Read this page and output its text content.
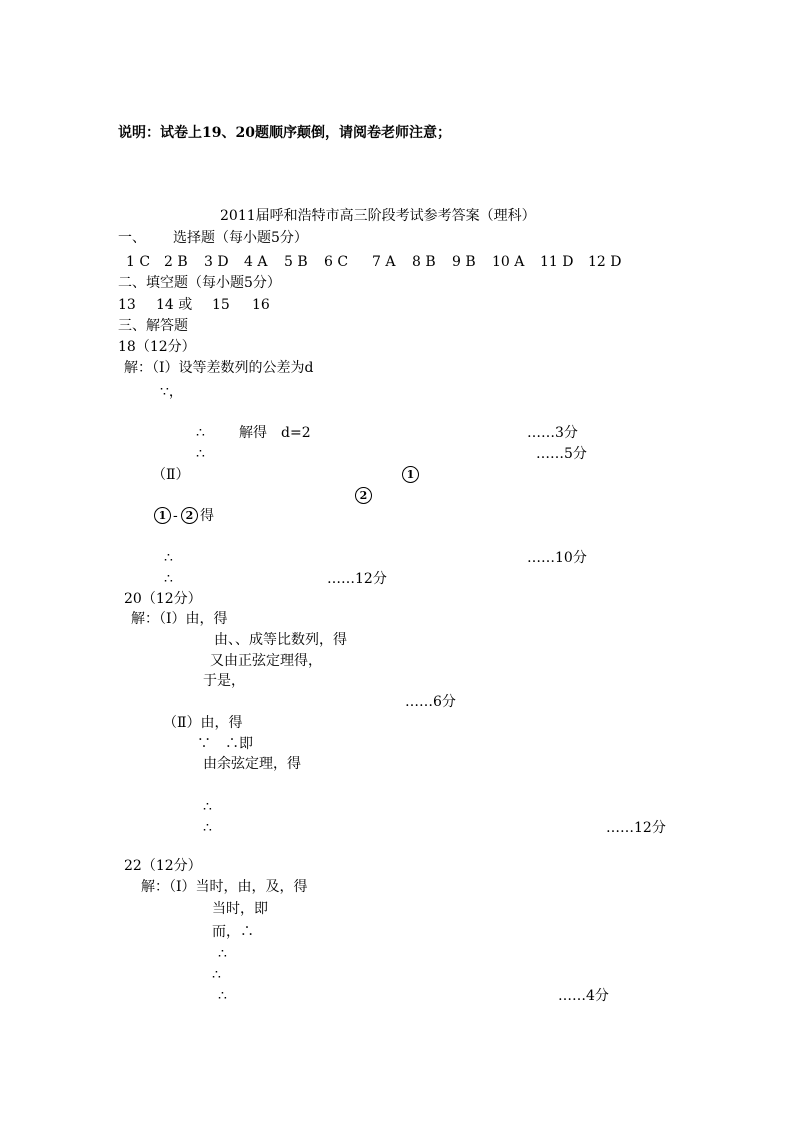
说明：试卷上19、20题顺序颠倒，请阅卷老师注意；
2011届呼和浩特市高三阶段考试参考答案（理科）
一、 选择题（每小题5分）
1 C 2 B 3 D 4 A 5 B 6 C 7 A 8 B 9 B 10 A 11 D 12 D
二、填空题（每小题5分）
13 14 或 15 16
三、解答题
18（12分）
解：（Ⅰ）设等差数列的公差为d
∵，
∴ 解得　d=2	……3分
∴	……5分
（Ⅱ）	1
2
1 - 2 得
∴	……10分
∴	……12分
20（12分）
解：（Ⅰ）由，得
由、、成等比数列，得
又由正弦定理得，
于是，
……6分
（Ⅱ）由，得
∵　∴即
由余弦定理，得
∴
∴	……12分
22（12分）
解：（Ⅰ）当时，由，及，得
当时，即
而，∴
∴
∴
∴	……4分
